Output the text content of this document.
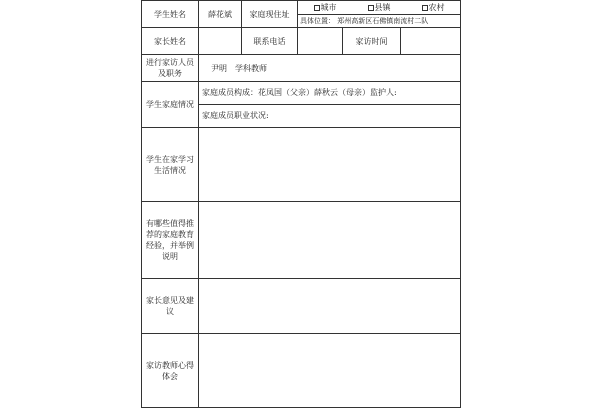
学生姓名	薛花斌	家庭现住址	城市 县镇 农村
具体位置： 郑州高新区石佛镇南流村二队		

家长姓名		联系电话		家访时间	
进行家访人员及职务	尹明 学科教师				
学生家庭情况	家庭成员构成：花凤国（父亲）薛秋云（母亲）监护人:
家庭成员职业状况:				

学生在家学习生活情况					
有哪些值得推荐的家庭教育经验，并举例说明					
家长意见及建议					
家访教师心得体会					
